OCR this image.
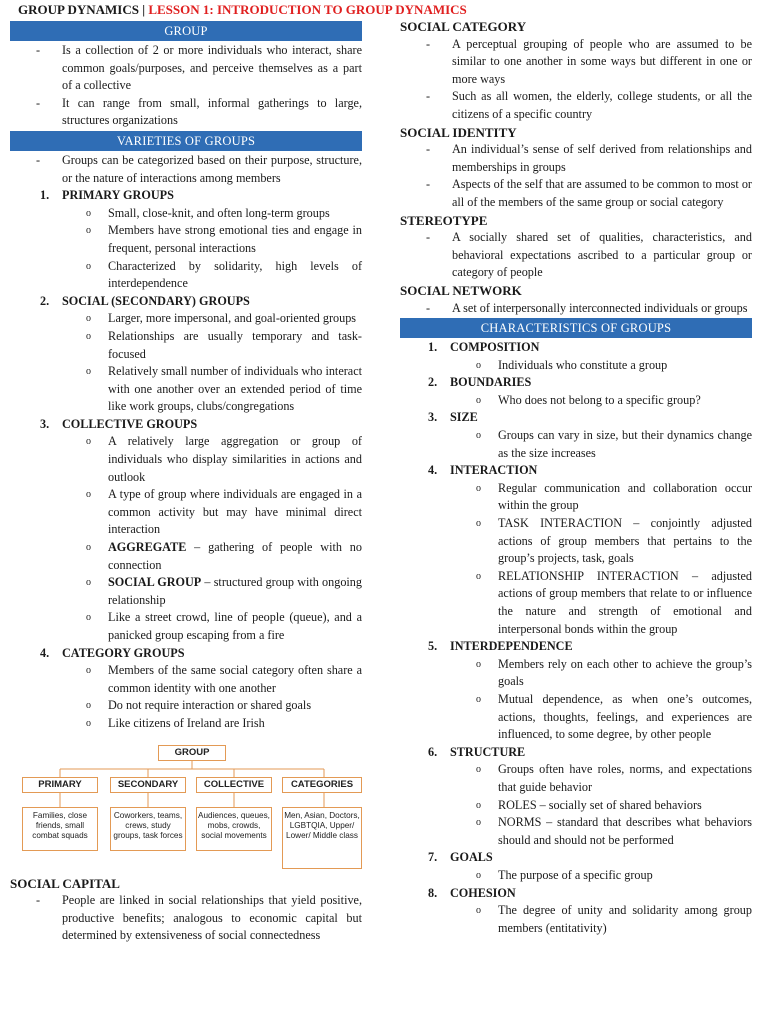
GROUP DYNAMICS | LESSON 1: INTRODUCTION TO GROUP DYNAMICS
GROUP
-	Is a collection of 2 or more individuals who interact, share common goals/purposes, and perceive themselves as a part of a collective
-	It can range from small, informal gatherings to large, structures organizations
VARIETIES OF GROUPS
-	Groups can be categorized based on their purpose, structure, or the nature of interactions among members
1.	PRIMARY GROUPS
o	Small, close-knit, and often long-term groups
o	Members have strong emotional ties and engage in frequent, personal interactions
o	Characterized by solidarity, high levels of interdependence
2.	SOCIAL (SECONDARY) GROUPS
o	Larger, more impersonal, and goal-oriented groups
o	Relationships are usually temporary and task-focused
o	Relatively small number of individuals who interact with one another over an extended period of time like work groups, clubs/congregations
3.	COLLECTIVE GROUPS
o	A relatively large aggregation or group of individuals who display similarities in actions and outlook
o	A type of group where individuals are engaged in a common activity but may have minimal direct interaction
o	AGGREGATE – gathering of people with no connection
o	SOCIAL GROUP – structured group with ongoing relationship
o	Like a street crowd, line of people (queue), and a panicked group escaping from a fire
4.	CATEGORY GROUPS
o	Members of the same social category often share a common identity with one another
o	Do not require interaction or shared goals
o	Like citizens of Ireland are Irish
GROUP
PRIMARY	SECONDARY	COLLECTIVE	CATEGORIES
Families, close friends, small combat squads
Coworkers, teams, crews, study groups, task forces
Audiences, queues, mobs, crowds, social movements
Men, Asian, Doctors, LGBTQIA, Upper/ Lower/ Middle class
SOCIAL CAPITAL
-	People are linked in social relationships that yield positive, productive benefits; analogous to economic capital but determined by extensiveness of social connectedness
SOCIAL CATEGORY
-	A perceptual grouping of people who are assumed to be similar to one another in some ways but different in one or more ways
-	Such as all women, the elderly, college students, or all the citizens of a specific country
SOCIAL IDENTITY
-	An individual’s sense of self derived from relationships and memberships in groups
-	Aspects of the self that are assumed to be common to most or all of the members of the same group or social category
STEREOTYPE
-	A socially shared set of qualities, characteristics, and behavioral expectations ascribed to a particular group or category of people
SOCIAL NETWORK
-	A set of interpersonally interconnected individuals or groups
CHARACTERISTICS OF GROUPS
1.	COMPOSITION
o	Individuals who constitute a group
2.	BOUNDARIES
o	Who does not belong to a specific group?
3.	SIZE
o	Groups can vary in size, but their dynamics change as the size increases
4.	INTERACTION
o	Regular communication and collaboration occur within the group
o	TASK INTERACTION – conjointly adjusted actions of group members that pertains to the group’s projects, task, goals
o	RELATIONSHIP INTERACTION – adjusted actions of group members that relate to or influence the nature and strength of emotional and interpersonal bonds within the group
5.	INTERDEPENDENCE
o	Members rely on each other to achieve the group’s goals
o	Mutual dependence, as when one’s outcomes, actions, thoughts, feelings, and experiences are influenced, to some degree, by other people
6.	STRUCTURE
o	Groups often have roles, norms, and expectations that guide behavior
o	ROLES – socially set of shared behaviors
o	NORMS – standard that describes what behaviors should and should not be performed
7.	GOALS
o	The purpose of a specific group
8.	COHESION
o	The degree of unity and solidarity among group members (entitativity)
